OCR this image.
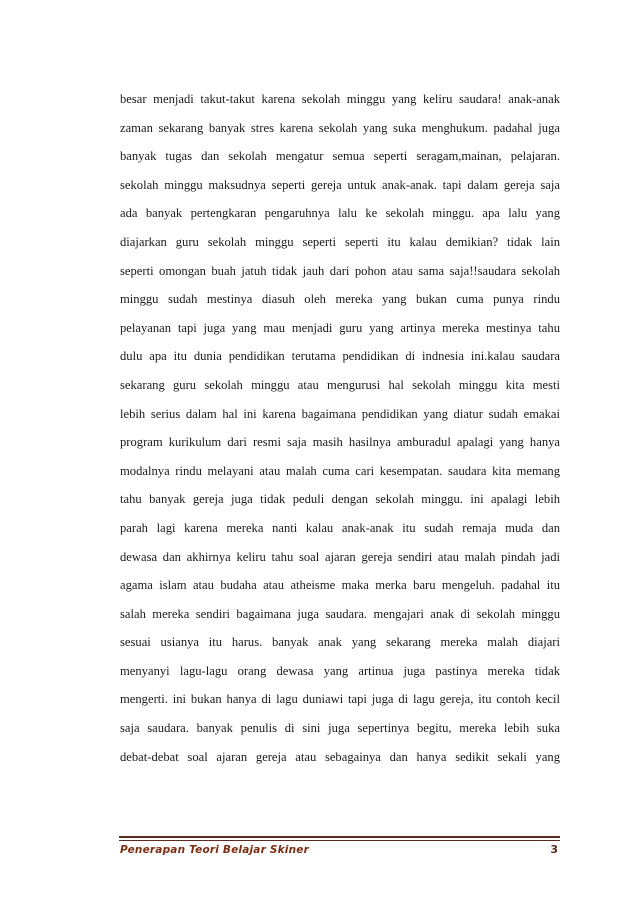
besar menjadi takut-takut karena sekolah minggu yang keliru saudara! anak-anak
zaman sekarang banyak stres karena sekolah yang suka menghukum. padahal juga
banyak tugas dan sekolah mengatur semua seperti seragam,mainan, pelajaran.
sekolah minggu maksudnya seperti gereja untuk anak-anak. tapi dalam gereja saja
ada banyak pertengkaran pengaruhnya lalu ke sekolah minggu. apa lalu yang
diajarkan guru sekolah minggu seperti seperti itu kalau demikian? tidak lain
seperti omongan buah jatuh tidak jauh dari pohon atau sama saja!!saudara sekolah
minggu sudah mestinya diasuh oleh mereka yang bukan cuma punya rindu
pelayanan tapi juga yang mau menjadi guru yang artinya mereka mestinya tahu
dulu apa itu dunia pendidikan terutama pendidikan di indnesia ini.kalau saudara
sekarang guru sekolah minggu atau mengurusi hal sekolah minggu kita mesti
lebih serius dalam hal ini karena bagaimana pendidikan yang diatur sudah emakai
program kurikulum dari resmi saja masih hasilnya amburadul apalagi yang hanya
modalnya rindu melayani atau malah cuma cari kesempatan. saudara kita memang
tahu banyak gereja juga tidak peduli dengan sekolah minggu. ini apalagi lebih
parah lagi karena mereka nanti kalau anak-anak itu sudah remaja muda dan
dewasa dan akhirnya keliru tahu soal ajaran gereja sendiri atau malah pindah jadi
agama islam atau budaha atau atheisme maka merka baru mengeluh. padahal itu
salah mereka sendiri bagaimana juga saudara. mengajari anak di sekolah minggu
sesuai usianya itu harus. banyak anak yang sekarang mereka malah diajari
menyanyi lagu-lagu orang dewasa yang artinua juga pastinya mereka tidak
mengerti. ini bukan hanya di lagu duniawi tapi juga di lagu gereja, itu contoh kecil
saja saudara. banyak penulis di sini juga sepertinya begitu, mereka lebih suka
debat-debat soal ajaran gereja atau sebagainya dan hanya sedikit sekali yang
Penerapan Teori Belajar Skiner	3
